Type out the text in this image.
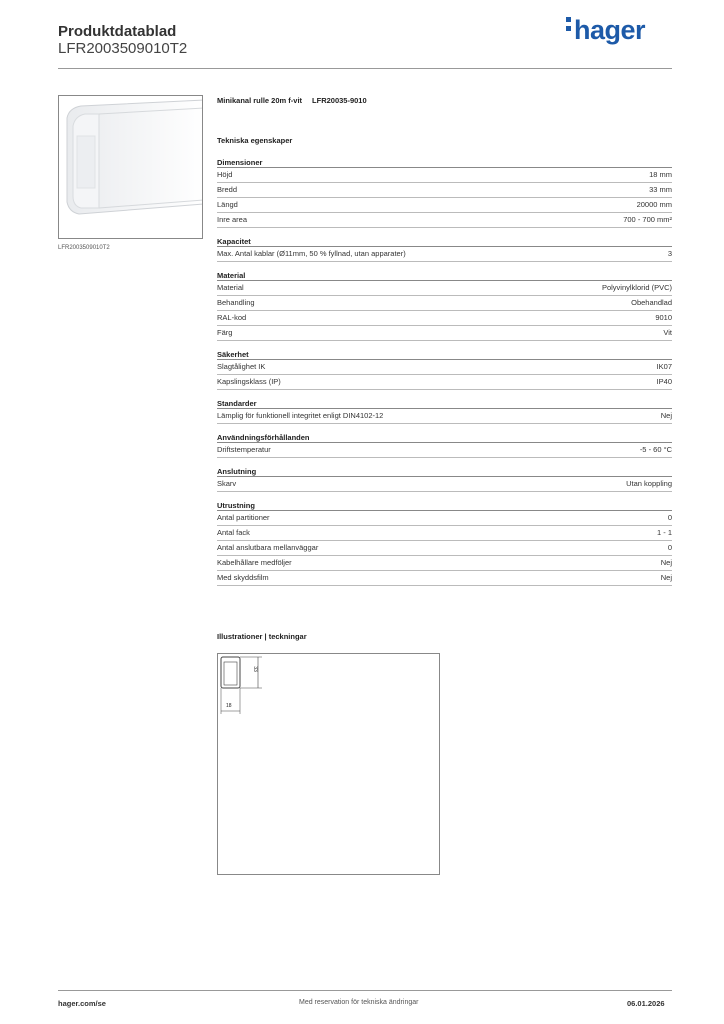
Produktdatablad
LFR2003509010T2
hager
LFR2003509010T2
Minikanal rulle 20m f-vit LFR20035-9010
Tekniska egenskaper
Dimensioner
Höjd	18 mm
Bredd	33 mm
Längd	20000 mm
Inre area	700 - 700 mm²
Kapacitet
Max. Antal kablar (Ø11mm, 50 % fyllnad, utan apparater)	3
Material
Material	Polyvinylklorid (PVC)
Behandling	Obehandlad
RAL-kod	9010
Färg	Vit
Säkerhet
Slagtålighet IK	IK07
Kapslingsklass (IP)	IP40
Standarder
Lämplig för funktionell integritet enligt DIN4102-12	Nej
Användningsförhållanden
Driftstemperatur	-5 - 60 °C
Anslutning
Skarv	Utan koppling
Utrustning
Antal partitioner	0
Antal fack	1 - 1
Antal anslutbara mellanväggar	0
Kabelhållare medföljer	Nej
Med skyddsfilm	Nej
Illustrationer | teckningar
33
18
hager.com/se	Med reservation för tekniska ändringar	06.01.2026
